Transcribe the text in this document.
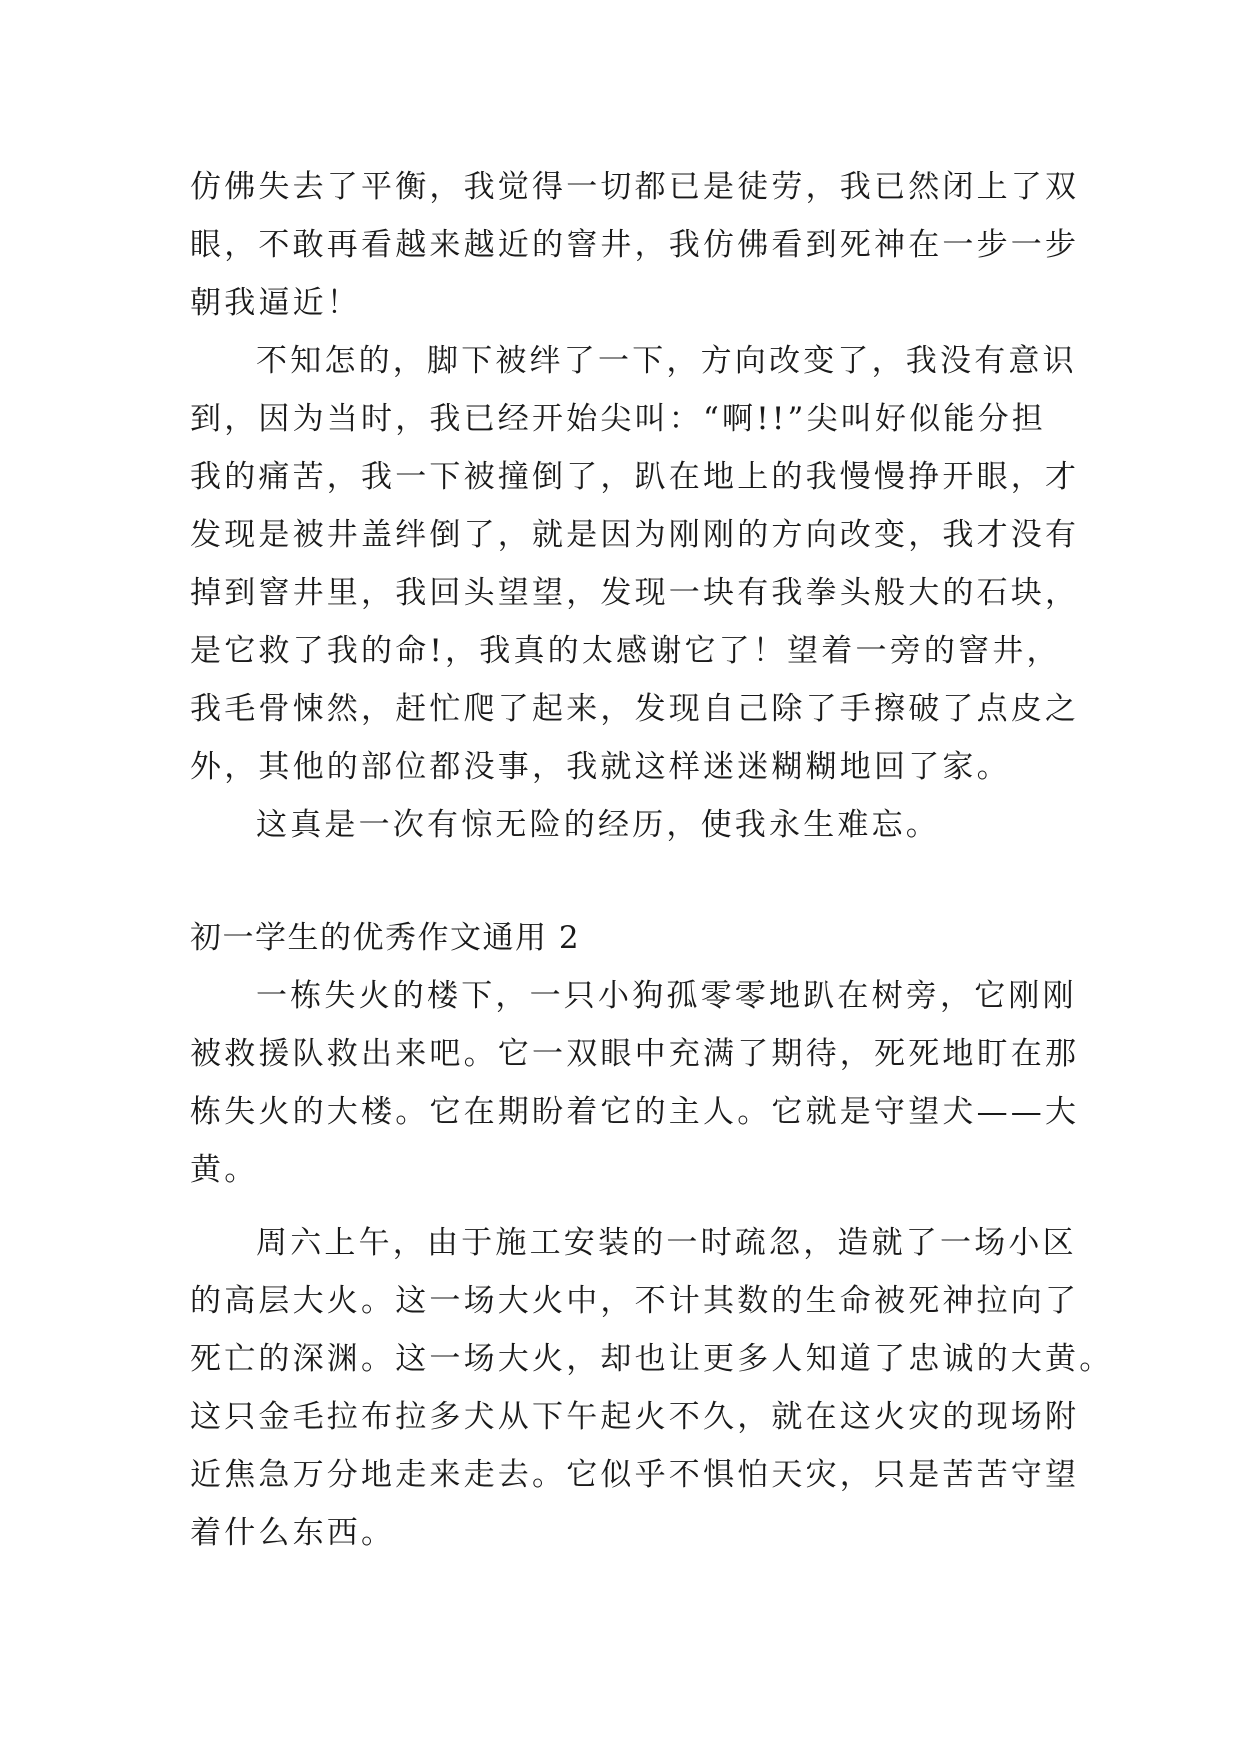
仿佛失去了平衡，我觉得一切都已是徒劳，我已然闭上了双
眼，不敢再看越来越近的窨井，我仿佛看到死神在一步一步
朝我逼近！
不知怎的，脚下被绊了一下，方向改变了，我没有意识
到，因为当时，我已经开始尖叫：“啊!!”尖叫好似能分担
我的痛苦，我一下被撞倒了，趴在地上的我慢慢挣开眼，才
发现是被井盖绊倒了，就是因为刚刚的方向改变，我才没有
掉到窨井里，我回头望望，发现一块有我拳头般大的石块，
是它救了我的命!，我真的太感谢它了！望着一旁的窨井，
我毛骨悚然，赶忙爬了起来，发现自己除了手擦破了点皮之
外，其他的部位都没事，我就这样迷迷糊糊地回了家。
这真是一次有惊无险的经历，使我永生难忘。
初一学生的优秀作文通用 2
一栋失火的楼下，一只小狗孤零零地趴在树旁，它刚刚
被救援队救出来吧。它一双眼中充满了期待，死死地盯在那
栋失火的大楼。它在期盼着它的主人。它就是守望犬——大
黄。
周六上午，由于施工安装的一时疏忽，造就了一场小区
的高层大火。这一场大火中，不计其数的生命被死神拉向了
死亡的深渊。这一场大火，却也让更多人知道了忠诚的大黄。
这只金毛拉布拉多犬从下午起火不久，就在这火灾的现场附
近焦急万分地走来走去。它似乎不惧怕天灾，只是苦苦守望
着什么东西。
